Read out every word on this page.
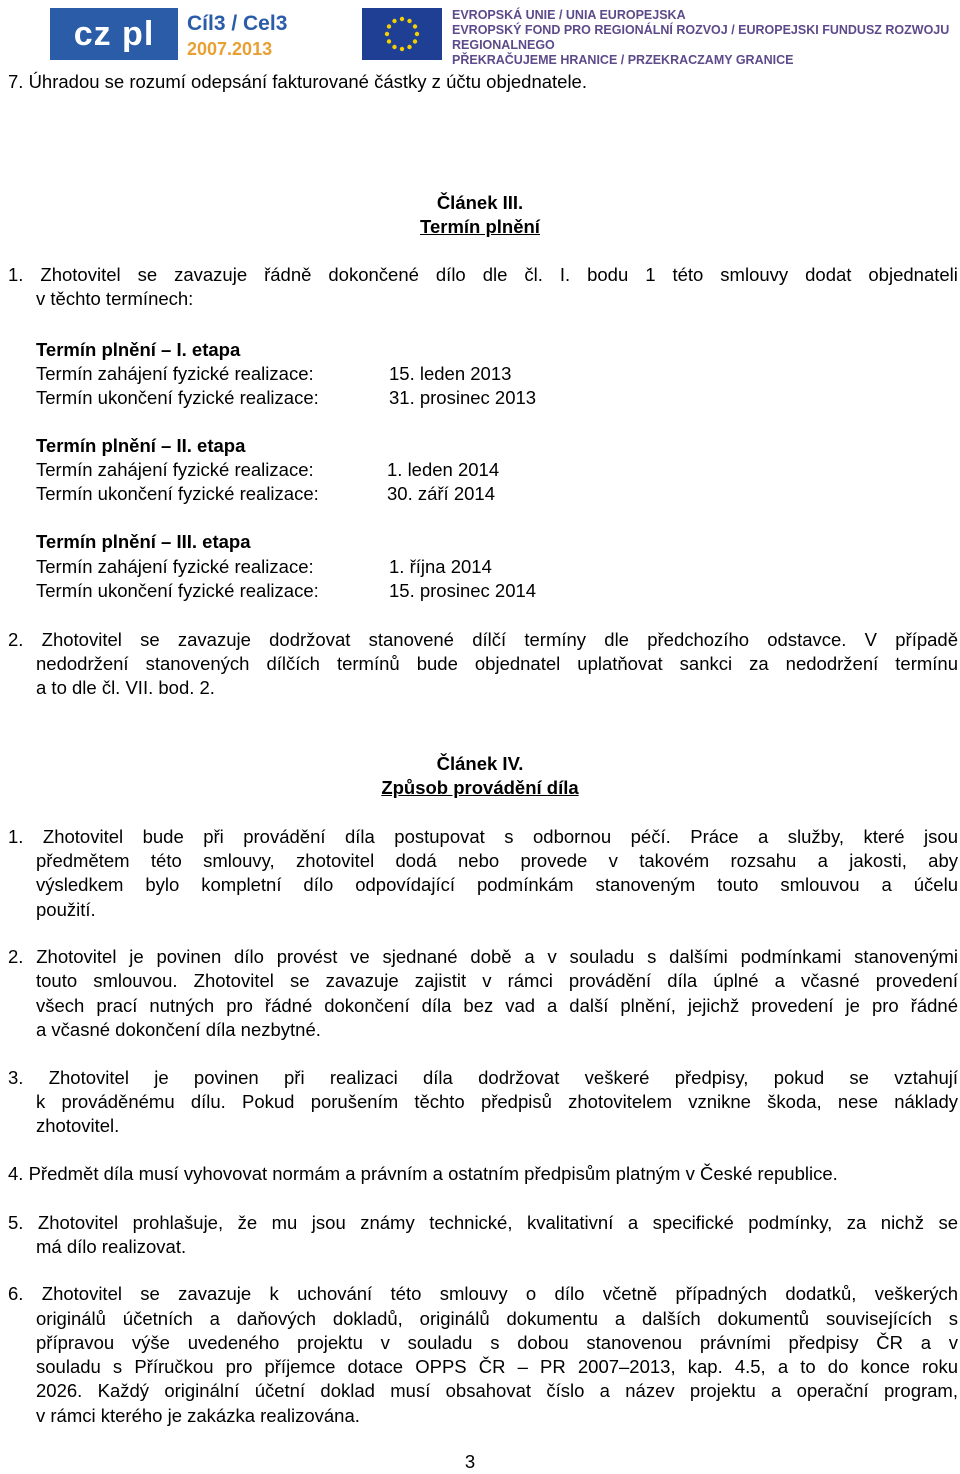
cz pl	Cíl3 / Cel3
2007.2013
EVROPSKÁ UNIE / UNIA EUROPEJSKA
EVROPSKÝ FOND PRO REGIONÁLNÍ ROZVOJ / EUROPEJSKI FUNDUSZ ROZWOJU REGIONALNEGO
PŘEKRAČUJEME HRANICE / PRZEKRACZAMY GRANICE
7. Úhradou se rozumí odepsání fakturované částky z účtu objednatele.
Článek III.
Termín plnění
1. Zhotovitel se zavazuje řádně dokončené dílo dle čl. I. bodu 1 této smlouvy dodat objednateli
v těchto termínech:
Termín plnění – I. etapa
Termín zahájení fyzické realizace:	15. leden 2013
Termín ukončení fyzické realizace:	31. prosinec 2013
Termín plnění – II. etapa
Termín zahájení fyzické realizace:	1. leden 2014
Termín ukončení fyzické realizace:	30. září 2014
Termín plnění – III. etapa
Termín zahájení fyzické realizace:	1. října 2014
Termín ukončení fyzické realizace:	15. prosinec 2014
2. Zhotovitel se zavazuje dodržovat stanovené dílčí termíny dle předchozího odstavce. V případě
nedodržení stanovených dílčích termínů bude objednatel uplatňovat sankci za nedodržení termínu
a to dle čl. VII. bod. 2.
Článek IV.
Způsob provádění díla
1. Zhotovitel bude při provádění díla postupovat s odbornou péčí. Práce a služby, které jsou
předmětem této smlouvy, zhotovitel dodá nebo provede v takovém rozsahu a jakosti, aby
výsledkem bylo kompletní dílo odpovídající podmínkám stanoveným touto smlouvou a účelu
použití.
2. Zhotovitel je povinen dílo provést ve sjednané době a v souladu s dalšími podmínkami stanovenými
touto smlouvou. Zhotovitel se zavazuje zajistit v rámci provádění díla úplné a včasné provedení
všech prací nutných pro řádné dokončení díla bez vad a další plnění, jejichž provedení je pro řádné
a včasné dokončení díla nezbytné.
3. Zhotovitel je povinen při realizaci díla dodržovat veškeré předpisy, pokud se vztahují
k prováděnému dílu. Pokud porušením těchto předpisů zhotovitelem vznikne škoda, nese náklady
zhotovitel.
4. Předmět díla musí vyhovovat normám a právním a ostatním předpisům platným v České republice.
5. Zhotovitel prohlašuje, že mu jsou známy technické, kvalitativní a specifické podmínky, za nichž se
má dílo realizovat.
6. Zhotovitel se zavazuje k uchování této smlouvy o dílo včetně případných dodatků, veškerých
originálů účetních a daňových dokladů, originálů dokumentu a dalších dokumentů souvisejících s
přípravou výše uvedeného projektu v souladu s dobou stanovenou právními předpisy ČR a v
souladu s Příručkou pro příjemce dotace OPPS ČR – PR 2007–2013, kap. 4.5, a to do konce roku
2026. Každý originální účetní doklad musí obsahovat číslo a název projektu a operační program,
v rámci kterého je zakázka realizována.
3
